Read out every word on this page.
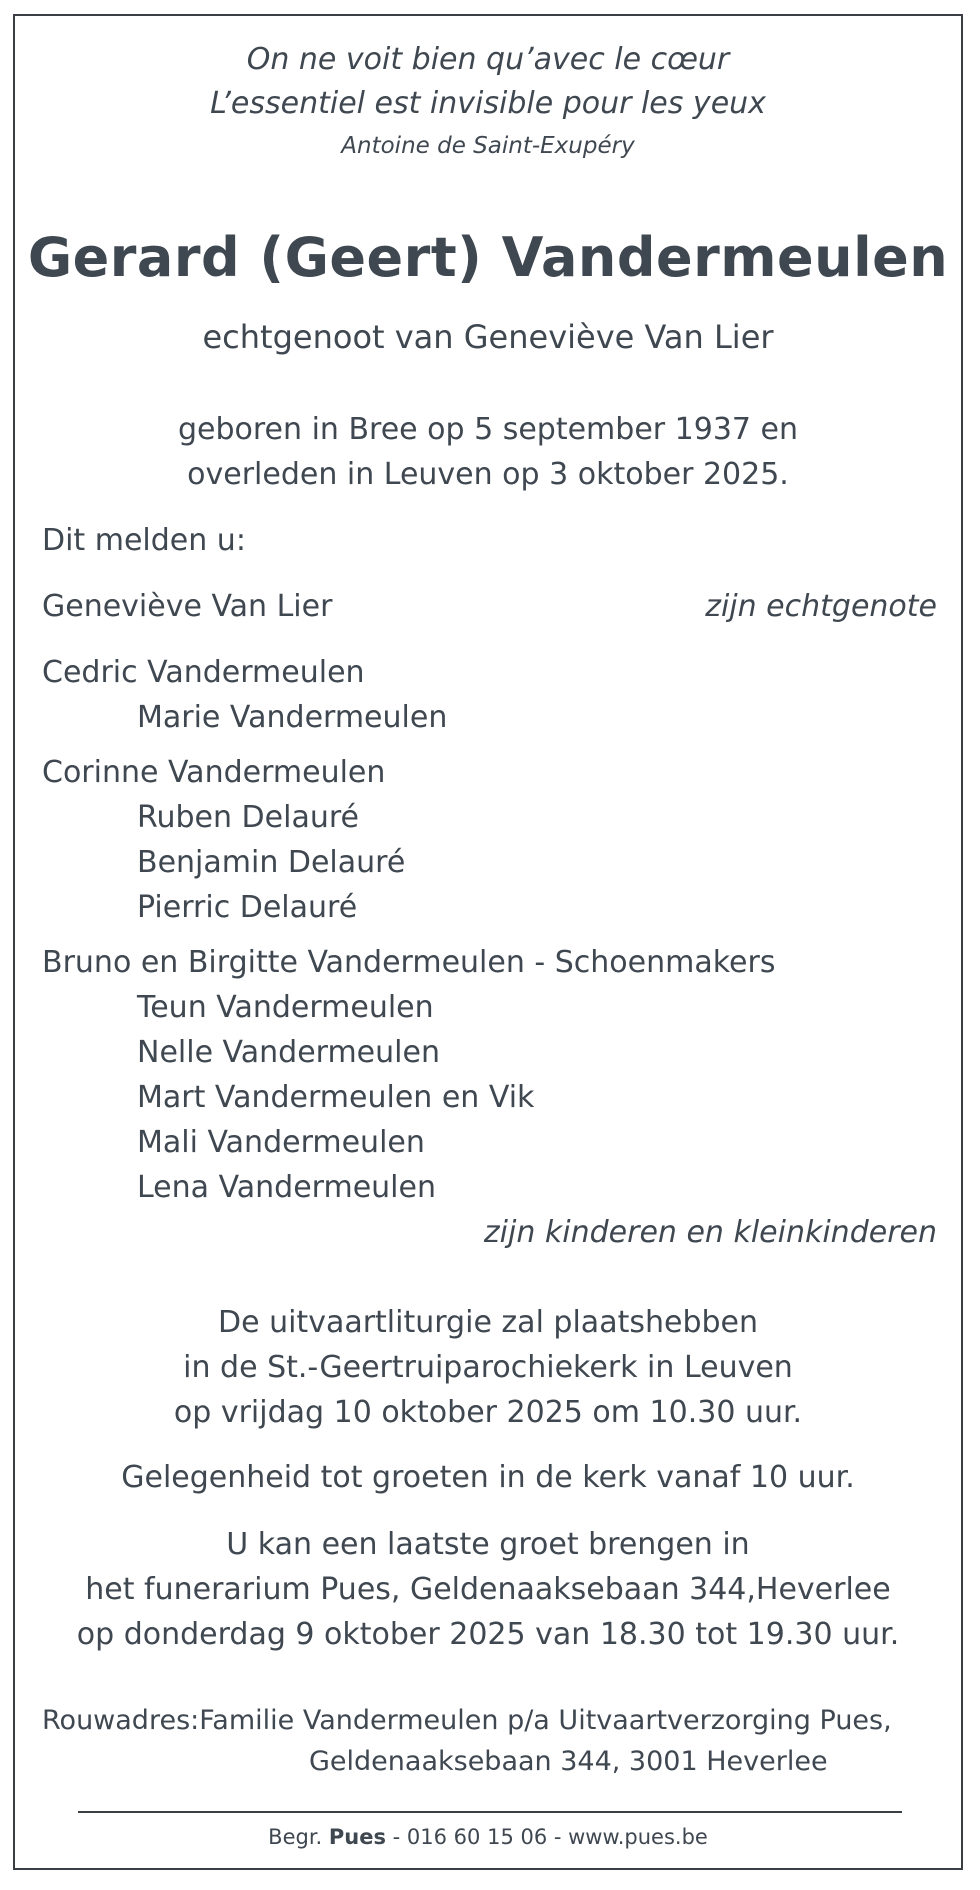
On ne voit bien qu’avec le cœur
L’essentiel est invisible pour les yeux
Antoine de Saint-Exupéry
Gerard (Geert) Vandermeulen
echtgenoot van Geneviève Van Lier
geboren in Bree op 5 september 1937 en
overleden in Leuven op 3 oktober 2025.
Dit melden u:
Geneviève Van Lier	zijn echtgenote
Cedric Vandermeulen
Marie Vandermeulen
Corinne Vandermeulen
Ruben Delauré
Benjamin Delauré
Pierric Delauré
Bruno en Birgitte Vandermeulen - Schoenmakers
Teun Vandermeulen
Nelle Vandermeulen
Mart Vandermeulen en Vik
Mali Vandermeulen
Lena Vandermeulen
zijn kinderen en kleinkinderen
De uitvaartliturgie zal plaatshebben
in de St.-Geertruiparochiekerk in Leuven
op vrijdag 10 oktober 2025 om 10.30 uur.
Gelegenheid tot groeten in de kerk vanaf 10 uur.
U kan een laatste groet brengen in
het funerarium Pues, Geldenaaksebaan 344,Heverlee
op donderdag 9 oktober 2025 van 18.30 tot 19.30 uur.
Rouwadres:Familie Vandermeulen p/a Uitvaartverzorging Pues,
Geldenaaksebaan 344, 3001 Heverlee
Begr. Pues - 016 60 15 06 - www.pues.be
